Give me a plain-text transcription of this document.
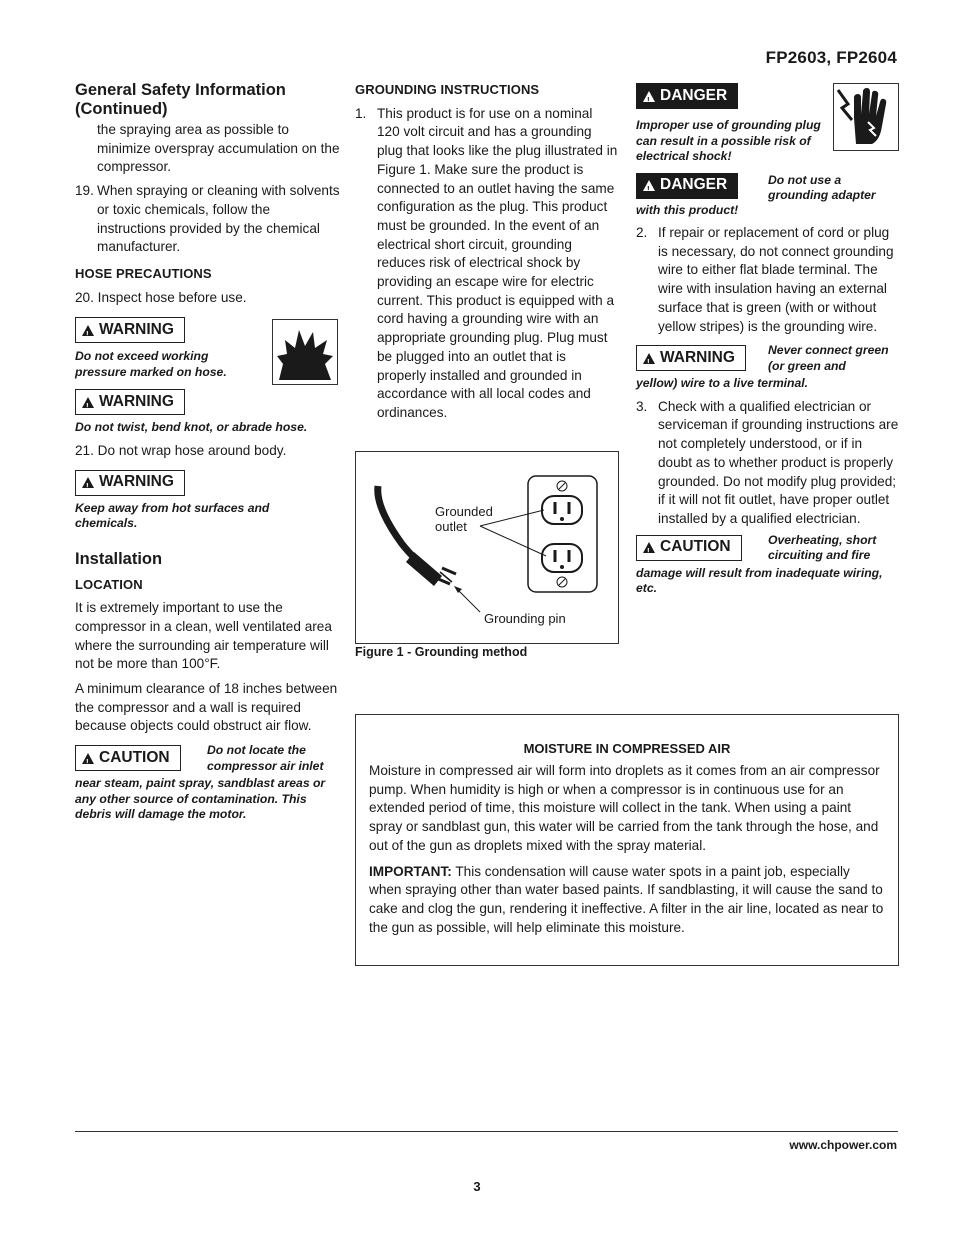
FP2603, FP2604
General Safety Information (Continued)

the spraying area as possible to minimize overspray accumulation on the compressor.

19. When spraying or cleaning with solvents or toxic chemicals, follow the instructions provided by the chemical manufacturer.
HOSE PRECAUTIONS

20. Inspect hose before use.

!
WARNING
Do not exceed working pressure marked on hose.
!
WARNING
Do not twist, bend knot, or abrade hose.

21. Do not wrap hose around body.

!
WARNING
Keep away from hot surfaces and chemicals.
Installation
LOCATION

It is extremely important to use the compressor in a clean, well ventilated area where the surrounding air temperature will not be more than 100°F.

A minimum clearance of 18 inches between the compressor and a wall is required because objects could obstruct air flow.

!
CAUTION	Do not locate the compressor air inlet
near steam, paint spray, sandblast areas or any other source of contamination. This debris will damage the motor.
GROUNDING INSTRUCTIONS
1. This product is for use on a nominal 120 volt circuit and has a grounding plug that looks like the plug illustrated in Figure 1. Make sure the product is connected to an outlet having the same configuration as the plug. This product must be grounded. In the event of an electrical short circuit, grounding reduces risk of electrical shock by providing an escape wire for electric current. This product is equipped with a cord having a grounding wire with an appropriate grounding plug. Plug must be plugged into an outlet that is properly installed and grounded in accordance with all local codes and ordinances.
Grounded outlet
Grounding pin
Figure 1 - Grounding method
!
DANGER
Improper use of grounding plug can result in a possible risk of electrical shock!
!
DANGER	Do not use a grounding adapter
with this product!
2. If repair or replacement of cord or plug is necessary, do not connect grounding wire to either flat blade terminal. The wire with insulation having an external surface that is green (with or without yellow stripes) is the grounding wire.
!
WARNING	Never connect green (or green and
yellow) wire to a live terminal.
3. Check with a qualified electrician or serviceman if grounding instructions are not completely understood, or if in doubt as to whether product is properly grounded. Do not modify plug provided; if it will not fit outlet, have proper outlet installed by a qualified electrician.
!
CAUTION	Overheating, short circuiting and fire
damage will result from inadequate wiring, etc.
MOISTURE IN COMPRESSED AIR

Moisture in compressed air will form into droplets as it comes from an air compressor pump. When humidity is high or when a compressor is in continuous use for an extended period of time, this moisture will collect in the tank. When using a paint spray or sandblast gun, this water will be carried from the tank through the hose, and out of the gun as droplets mixed with the spray material.

IMPORTANT: This condensation will cause water spots in a paint job, especially when spraying other than water based paints. If sandblasting, it will cause the sand to cake and clog the gun, rendering it ineffective. A filter in the air line, located as near to the gun as possible, will help eliminate this moisture.

www.chpower.com
3
